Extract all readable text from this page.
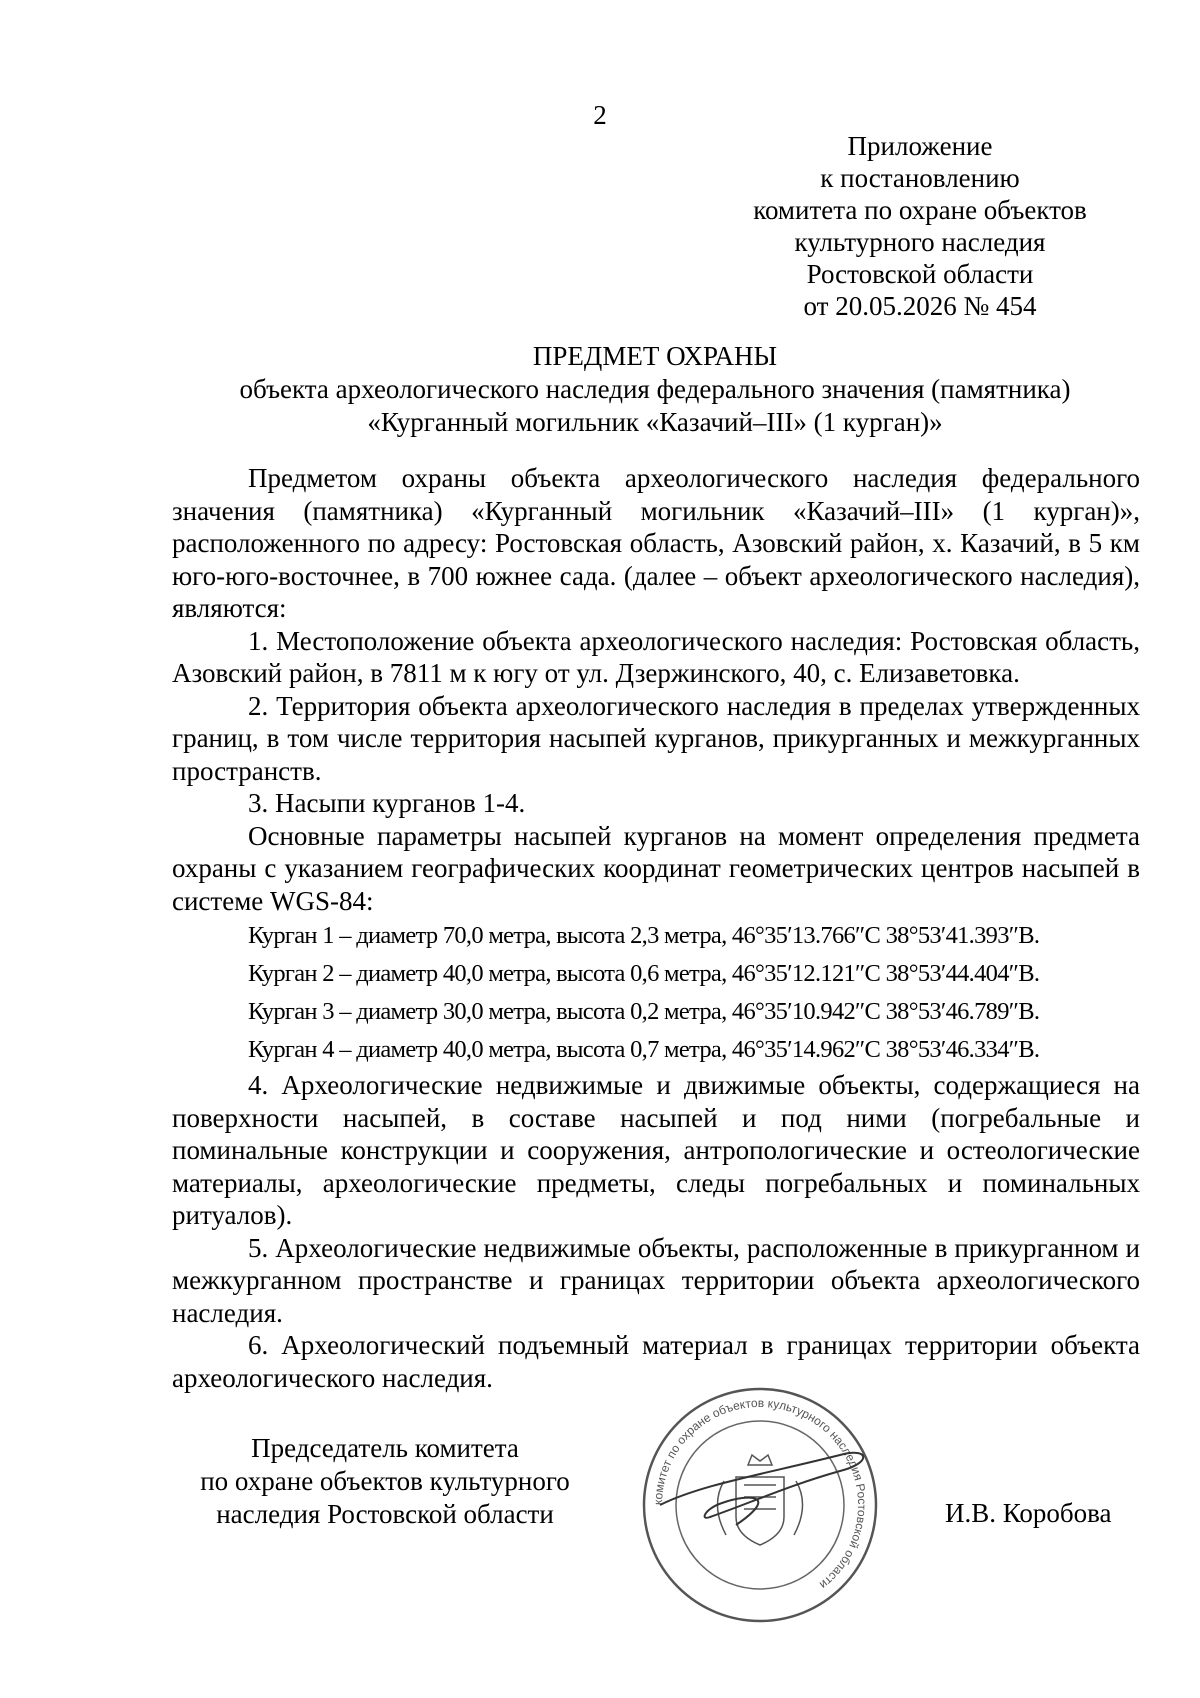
2
Приложение
к постановлению
комитета по охране объектов
культурного наследия
Ростовской области
от 20.05.2026 № 454
ПРЕДМЕТ ОХРАНЫ
объекта археологического наследия федерального значения (памятника)
«Курганный могильник «Казачий–III» (1 курган)»

Предметом охраны объекта археологического наследия федерального значения (памятника) «Курганный могильник «Казачий–III» (1 курган)», расположенного по адресу: Ростовская область, Азовский район, х. Казачий, в 5 км юго-юго-восточнее, в 700 южнее сада. (далее – объект археологического наследия), являются:

1. Местоположение объекта археологического наследия: Ростовская область, Азовский район, в 7811 м к югу от ул. Дзержинского, 40, с. Елизаветовка.

2. Территория объекта археологического наследия в пределах утвержденных границ, в том числе территория насыпей курганов, прикурганных и межкурганных пространств.

3. Насыпи курганов 1-4.

Основные параметры насыпей курганов на момент определения предмета охраны с указанием географических координат геометрических центров насыпей в системе WGS-84:

Курган 1 – диаметр 70,0 метра, высота 2,3 метра, 46°35′13.766″С 38°53′41.393″В.

Курган 2 – диаметр 40,0 метра, высота 0,6 метра, 46°35′12.121″С 38°53′44.404″В.

Курган 3 – диаметр 30,0 метра, высота 0,2 метра, 46°35′10.942″С 38°53′46.789″В.

Курган 4 – диаметр 40,0 метра, высота 0,7 метра, 46°35′14.962″С 38°53′46.334″В.

4. Археологические недвижимые и движимые объекты, содержащиеся на поверхности насыпей, в составе насыпей и под ними (погребальные и поминальные конструкции и сооружения, антропологические и остеологические материалы, археологические предметы, следы погребальных и поминальных ритуалов).

5. Археологические недвижимые объекты, расположенные в прикурганном и межкурганном пространстве и границах территории объекта археологического наследия.

6. Археологический подъемный материал в границах территории объекта археологического наследия.

Председатель комитета
по охране объектов культурного
наследия Ростовской области	И.В. Коробова
комитет по охране объектов культурного наследия Ростовской области
